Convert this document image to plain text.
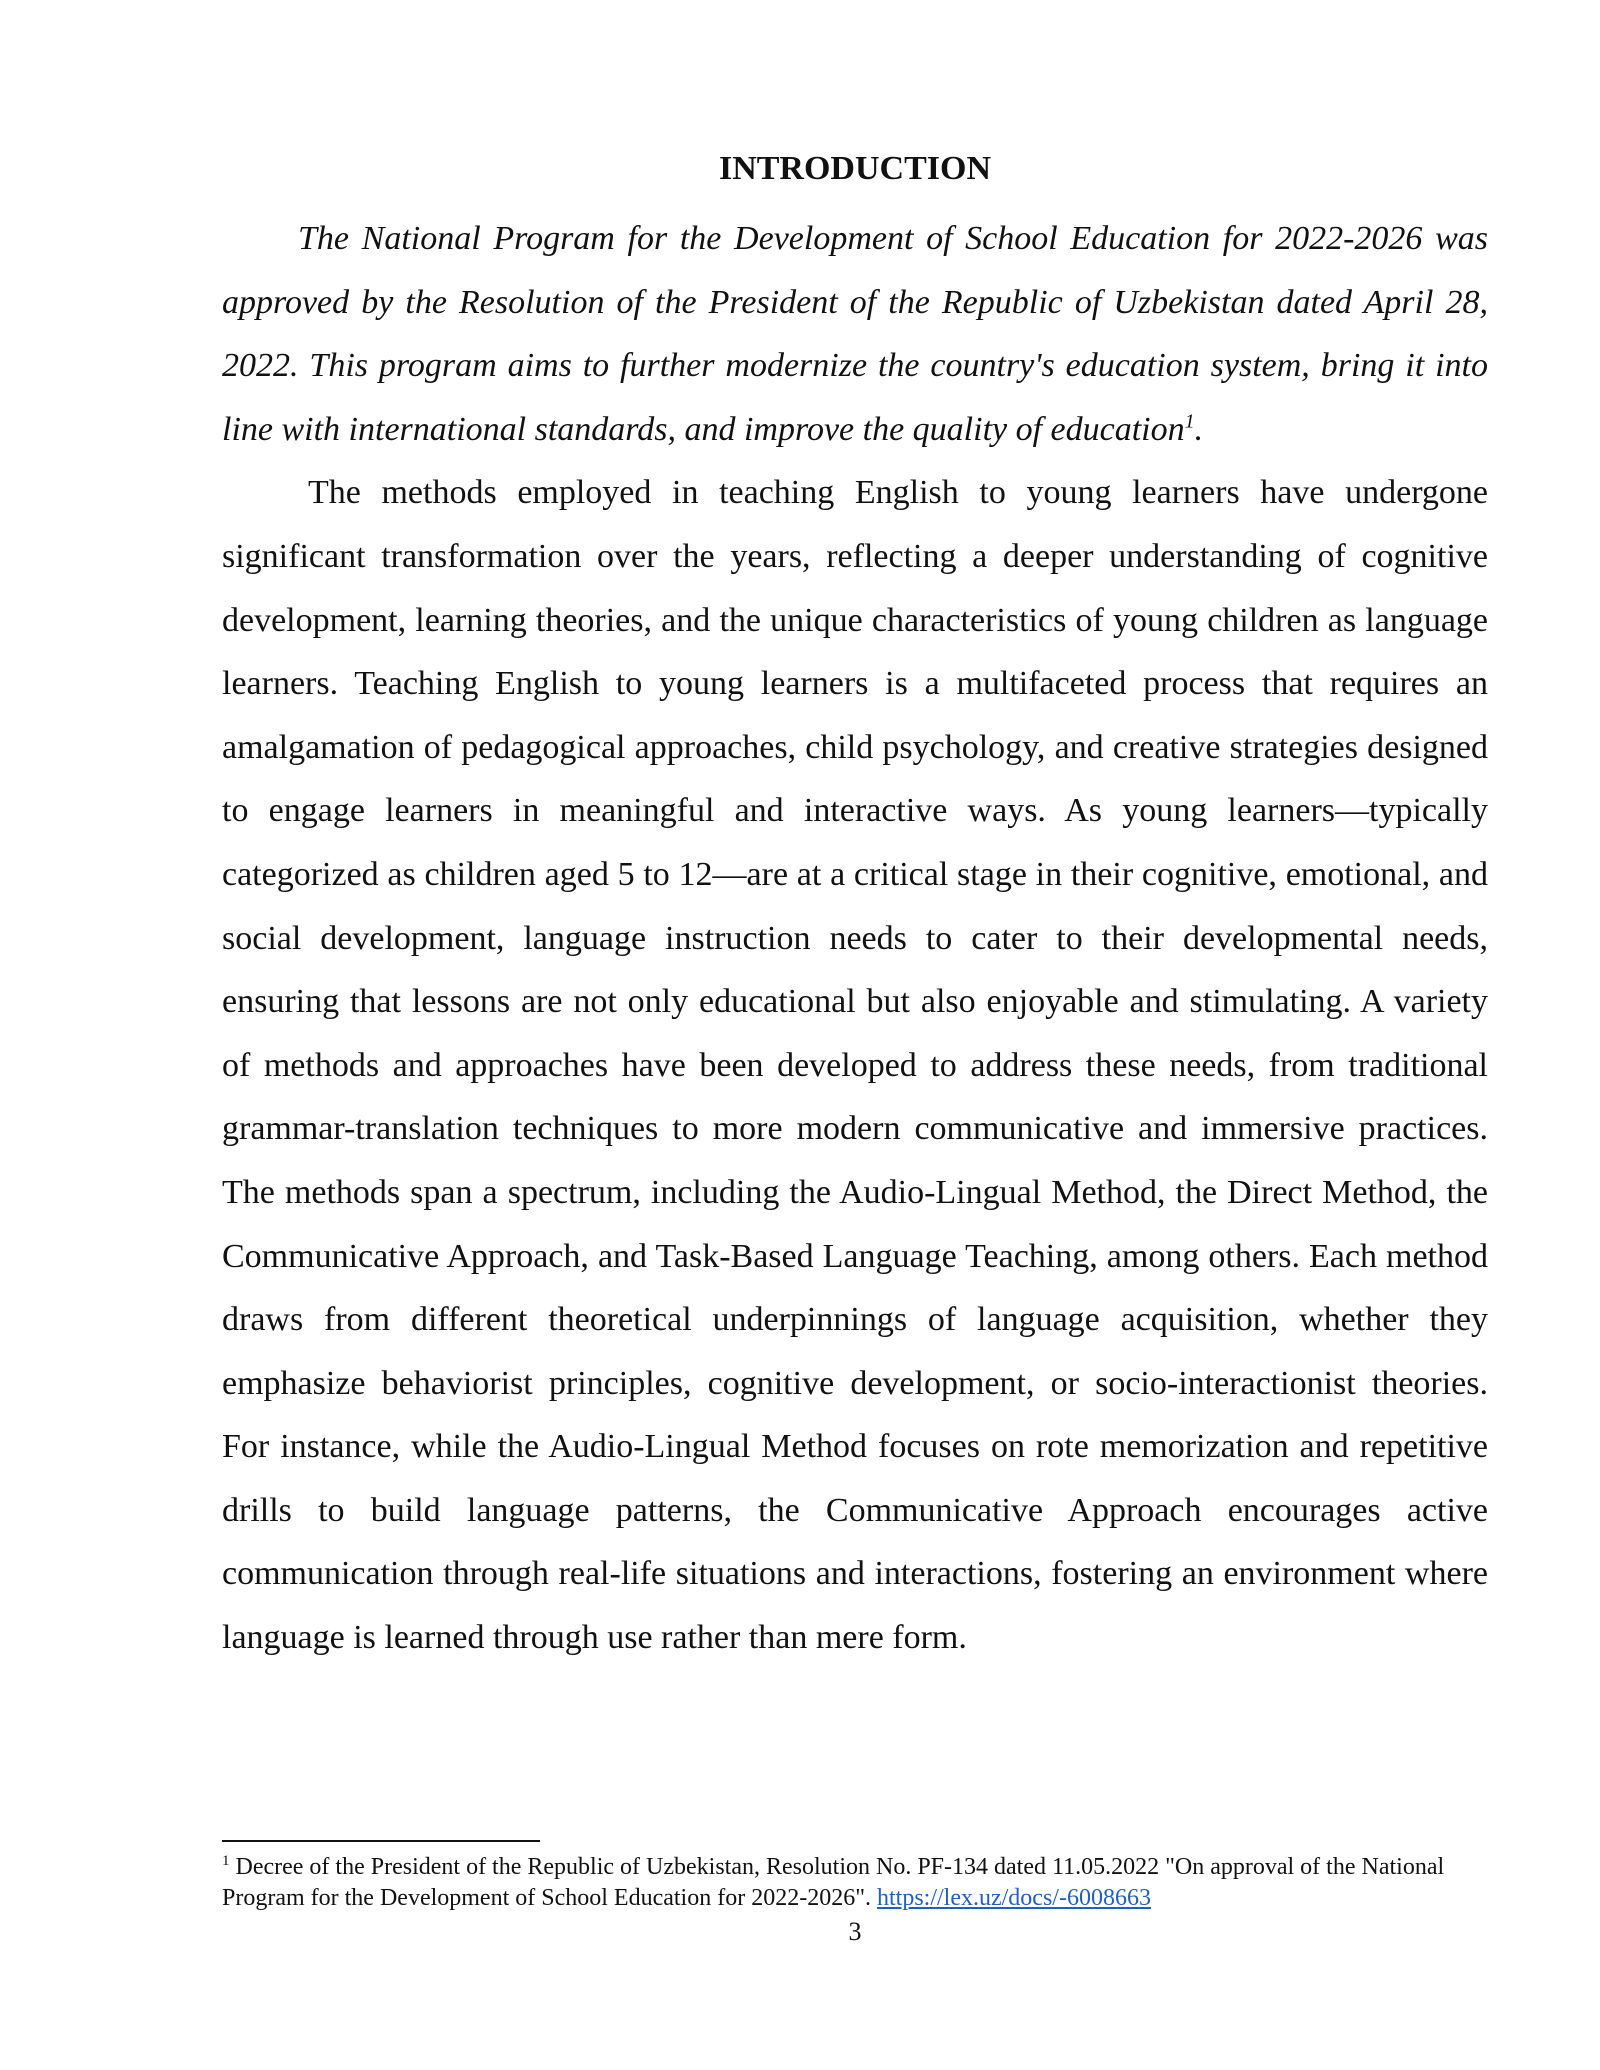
INTRODUCTION

The National Program for the Development of School Education for 2022-2026 was approved by the Resolution of the President of the Republic of Uzbekistan dated April 28, 2022. This program aims to further modernize the country's education system, bring it into line with international standards, and improve the quality of education$^1$.

The methods employed in teaching English to young learners have undergone significant transformation over the years, reflecting a deeper understanding of cognitive development, learning theories, and the unique characteristics of young children as language learners. Teaching English to young learners is a multifaceted process that requires an amalgamation of pedagogical approaches, child psychology, and creative strategies designed to engage learners in meaningful and interactive ways. As young learners—typically categorized as children aged 5 to 12—are at a critical stage in their cognitive, emotional, and social development, language instruction needs to cater to their developmental needs, ensuring that lessons are not only educational but also enjoyable and stimulating. A variety of methods and approaches have been developed to address these needs, from traditional grammar-translation techniques to more modern communicative and immersive practices. The methods span a spectrum, including the Audio-Lingual Method, the Direct Method, the Communicative Approach, and Task-Based Language Teaching, among others. Each method draws from different theoretical underpinnings of language acquisition, whether they emphasize behaviorist principles, cognitive development, or socio-interactionist theories. For instance, while the Audio-Lingual Method focuses on rote memorization and repetitive drills to build language patterns, the Communicative Approach encourages active communication through real-life situations and interactions, fostering an environment where language is learned through use rather than mere form.

$^1$ Decree of the President of the Republic of Uzbekistan, Resolution No. PF-134 dated 11.05.2022 "On approval of the National Program for the Development of School Education for 2022-2026". https://lex.uz/docs/-6008663
3
